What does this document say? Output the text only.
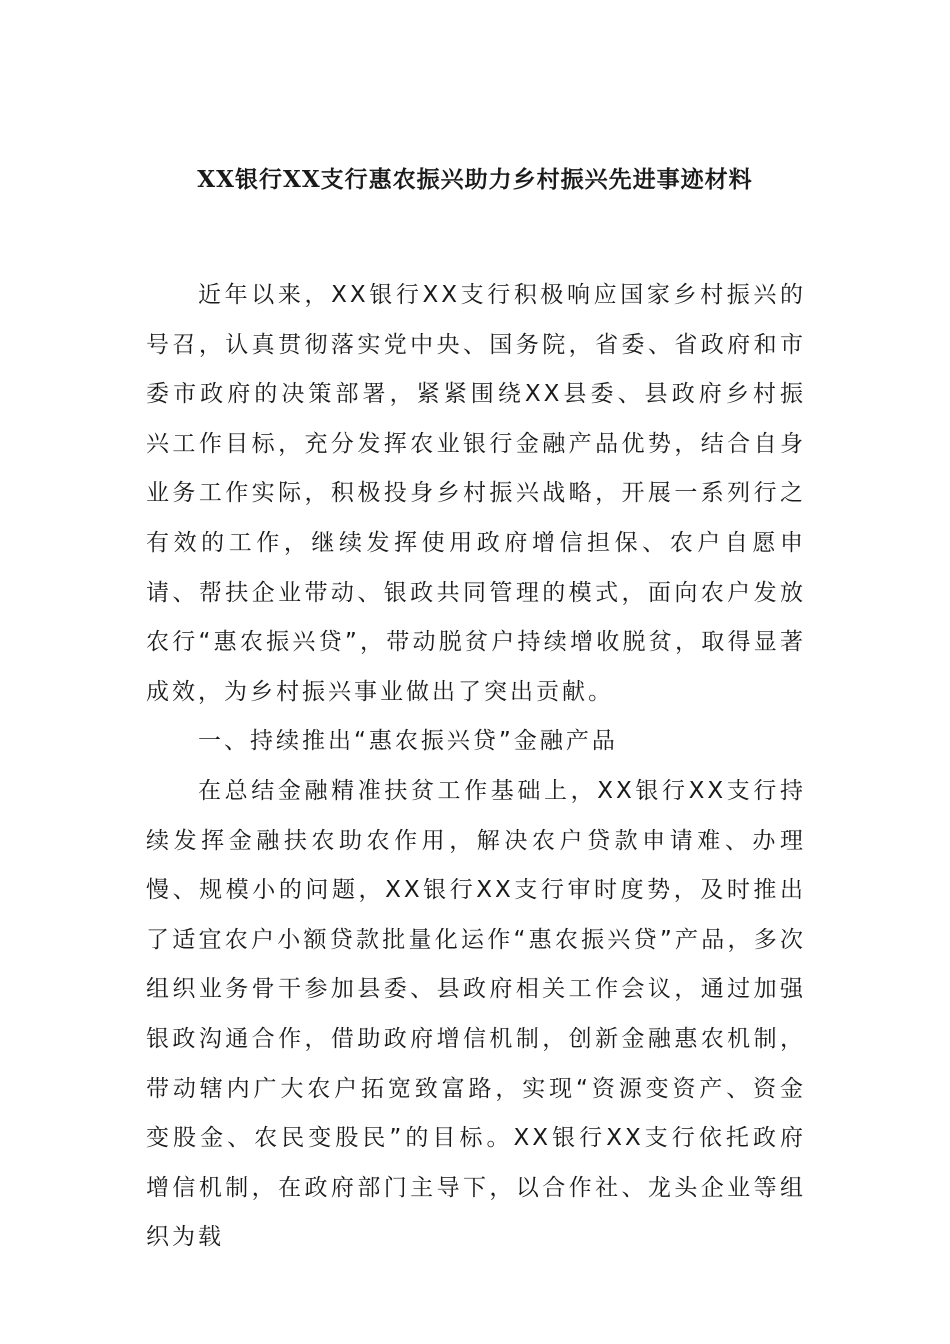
XX银行XX支行惠农振兴助力乡村振兴先进事迹材料

近年以来，XX银行XX支行积极响应国家乡村振兴的号召，认真贯彻落实党中央、国务院，省委、省政府和市委市政府的决策部署，紧紧围绕XX县委、县政府乡村振兴工作目标，充分发挥农业银行金融产品优势，结合自身业务工作实际，积极投身乡村振兴战略，开展一系列行之有效的工作，继续发挥使用政府增信担保、农户自愿申请、帮扶企业带动、银政共同管理的模式，面向农户发放农行“惠农振兴贷”，带动脱贫户持续增收脱贫，取得显著成效，为乡村振兴事业做出了突出贡献。

一、持续推出“惠农振兴贷”金融产品

在总结金融精准扶贫工作基础上，XX银行XX支行持续发挥金融扶农助农作用，解决农户贷款申请难、办理慢、规模小的问题，XX银行XX支行审时度势，及时推出了适宜农户小额贷款批量化运作“惠农振兴贷”产品，多次组织业务骨干参加县委、县政府相关工作会议，通过加强银政沟通合作，借助政府增信机制，创新金融惠农机制，带动辖内广大农户拓宽致富路，实现“资源变资产、资金变股金、农民变股民”的目标。XX银行XX支行依托政府增信机制，在政府部门主导下，以合作社、龙头企业等组织为载
